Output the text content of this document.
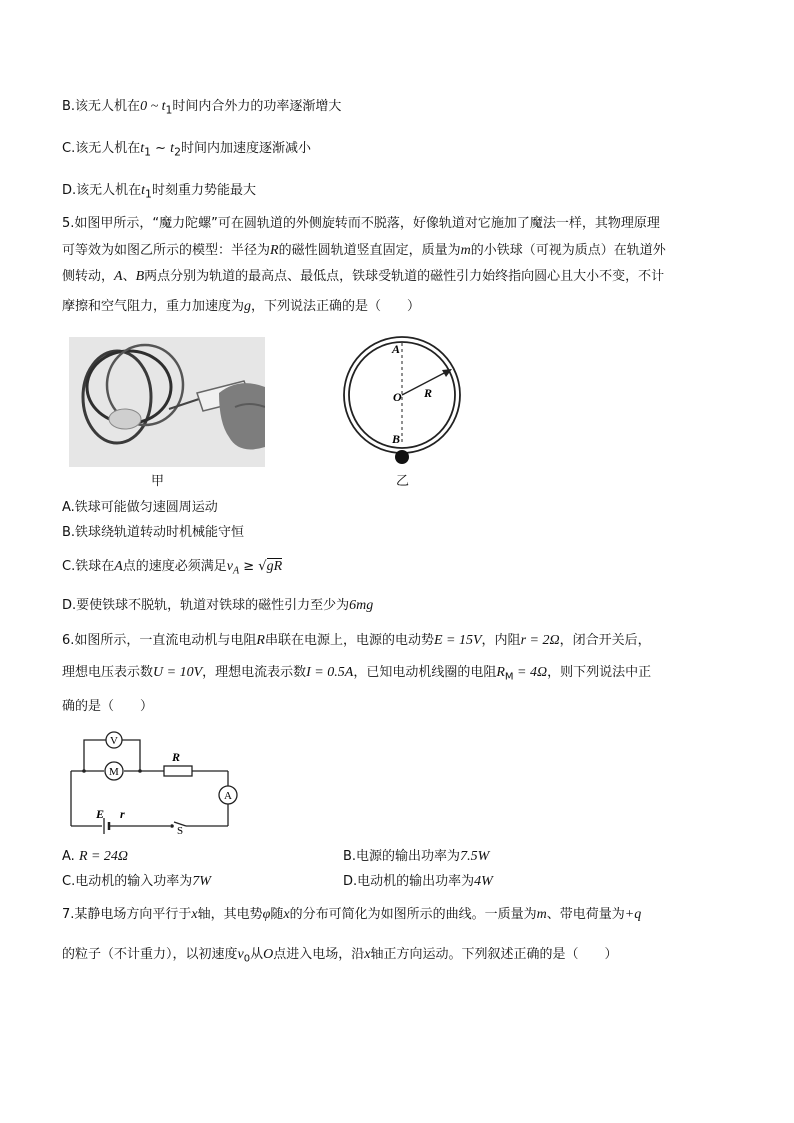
B.该无人机在0 ~ $t_1$时间内合外力的功率逐渐增大
C.该无人机在$t_1$ ~ $t_2$时间内加速度逐渐减小
D.该无人机在$t_1$时刻重力势能最大
5.如图甲所示，“魔力陀螺”可在圆轨道的外侧旋转而不脱落，好像轨道对它施加了魔法一样，其物理原理
可等效为如图乙所示的模型：半径为R的磁性圆轨道竖直固定，质量为m的小铁球（可视为质点）在轨道外
侧转动，A、B两点分别为轨道的最高点、最低点，铁球受轨道的磁性引力始终指向圆心且大小不变，不计
摩擦和空气阻力，重力加速度为g，下列说法正确的是（　　）
甲
A
O R
B
乙
A.铁球可能做匀速圆周运动
B.铁球绕轨道转动时机械能守恒
C.铁球在A点的速度必须满足$v_A \ge √gR$
D.要使铁球不脱轨，轨道对铁球的磁性引力至少为6mg
6.如图所示，一直流电动机与电阻R串联在电源上，电源的电动势E = 15V，内阻r = 2Ω，闭合开关后，
理想电压表示数U = 10V，理想电流表示数I = 0.5A，已知电动机线圈的电阻$R_M = 4\Omega$，则下列说法中正
确的是（　　）
V
M
R
A
E r
S
A. R = 24Ω	B.电源的输出功率为7.5W
C.电动机的输入功率为7W	D.电动机的输出功率为4W
7.某静电场方向平行于x轴，其电势φ随x的分布可简化为如图所示的曲线。一质量为m、带电荷量为+q
的粒子（不计重力），以初速度$v_0$从O点进入电场，沿x轴正方向运动。下列叙述正确的是（　　）
